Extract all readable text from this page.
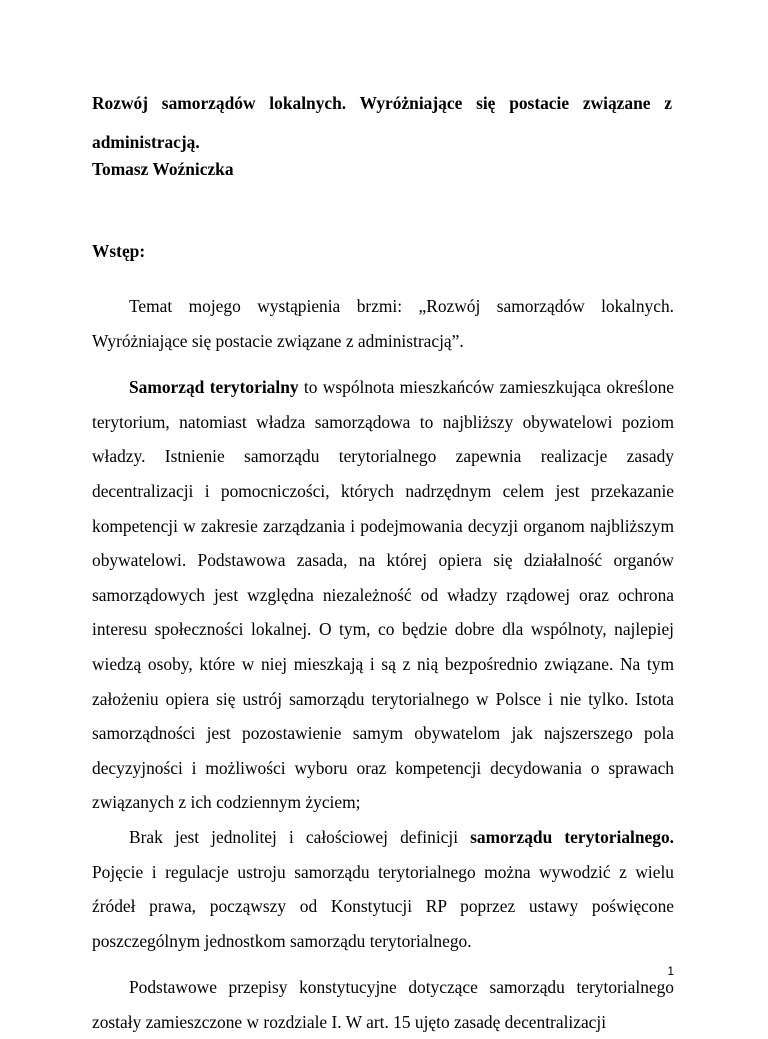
Rozwój samorządów lokalnych. Wyróżniające się postacie związane z administracją.
Tomasz Woźniczka
Wstęp:

Temat mojego wystąpienia brzmi: „Rozwój samorządów lokalnych. Wyróżniające się postacie związane z administracją”.

Samorząd terytorialny to wspólnota mieszkańców zamieszkująca określone terytorium, natomiast władza samorządowa to najbliższy obywatelowi poziom władzy. Istnienie samorządu terytorialnego zapewnia realizacje zasady decentralizacji i pomocniczości, których nadrzędnym celem jest przekazanie kompetencji w zakresie zarządzania i podejmowania decyzji organom najbliższym obywatelowi. Podstawowa zasada, na której opiera się działalność organów samorządowych jest względna niezależność od władzy rządowej oraz ochrona interesu społeczności lokalnej. O tym, co będzie dobre dla wspólnoty, najlepiej wiedzą osoby, które w niej mieszkają i są z nią bezpośrednio związane. Na tym założeniu opiera się ustrój samorządu terytorialnego w Polsce i nie tylko. Istota samorządności jest pozostawienie samym obywatelom jak najszerszego pola decyzyjności i możliwości wyboru oraz kompetencji decydowania o sprawach związanych z ich codziennym życiem;

Brak jest jednolitej i całościowej definicji samorządu terytorialnego. Pojęcie i regulacje ustroju samorządu terytorialnego można wywodzić z wielu źródeł prawa, począwszy od Konstytucji RP poprzez ustawy poświęcone poszczególnym jednostkom samorządu terytorialnego.

Podstawowe przepisy konstytucyjne dotyczące samorządu terytorialnego zostały zamieszczone w rozdziale I. W art. 15 ujęto zasadę decentralizacji

1
